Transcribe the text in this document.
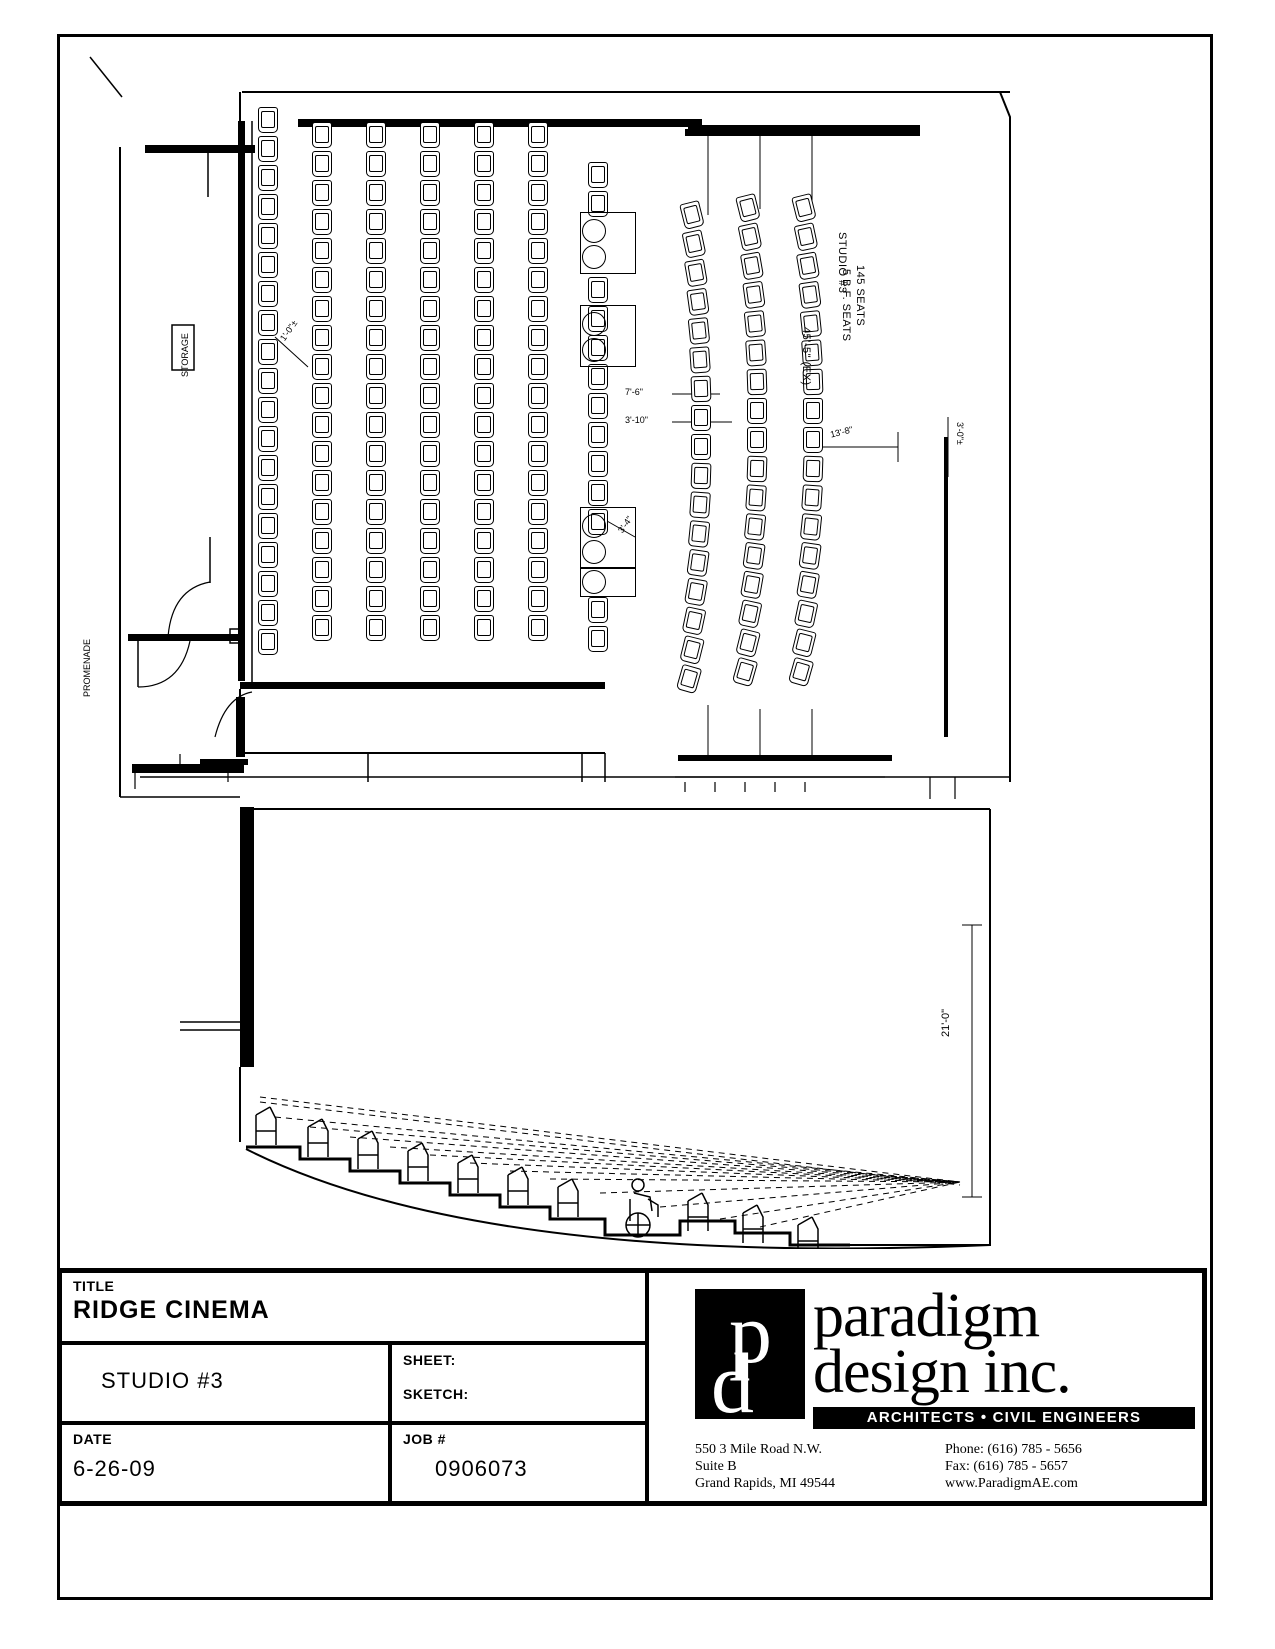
STORAGE
PROMENADE
STUDIO #3
145 SEATS
5 B.F. SEATS
45'-5" (EX)
7'-6"
3'-10"
13'-8"	3'-0"±
3'-4"
1'-0"±
21'-0"
TITLE
RIDGE CINEMA
STUDIO #3
SHEET:
SKETCH:
DATE
6-26-09
JOB #
0906073
p
d
paradigm
design inc.
ARCHITECTS • CIVIL ENGINEERS
550 3 Mile Road N.W.
Suite B
Grand Rapids, MI 49544
Phone: (616) 785 - 5656
Fax: (616) 785 - 5657
www.ParadigmAE.com
